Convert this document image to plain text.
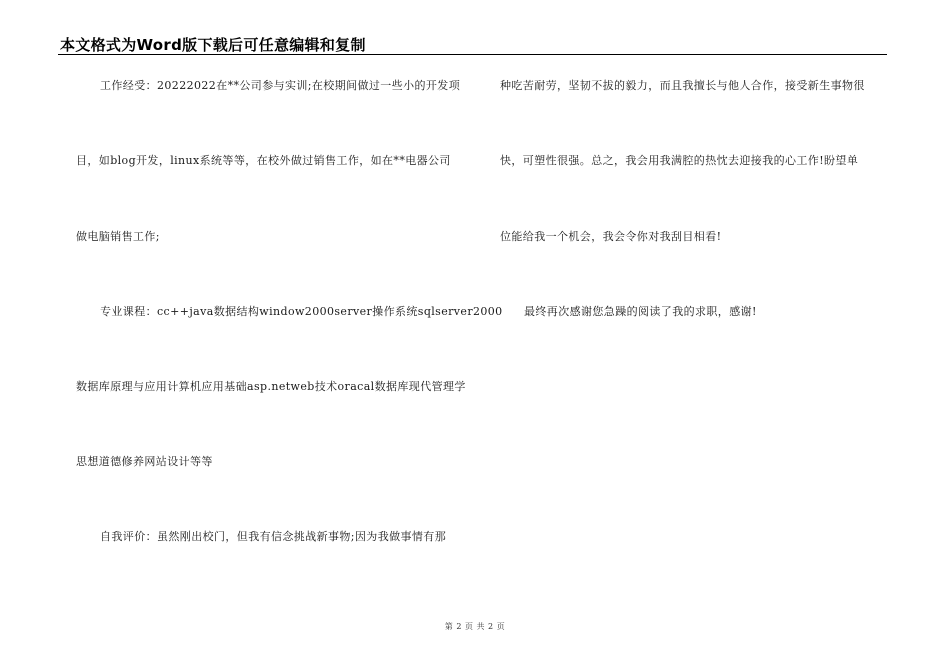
本文格式为Word版下载后可任意编辑和复制
工作经受：20222022在**公司参与实训;在校期间做过一些小的开发项
目，如blog开发，linux系统等等，在校外做过销售工作，如在**电器公司
做电脑销售工作;
专业课程：cc++java数据结构window2000server操作系统sqlserver2000
数据库原理与应用计算机应用基础asp.netweb技术oracal数据库现代管理学
思想道德修养网站设计等等
自我评价：虽然刚出校门，但我有信念挑战新事物;因为我做事情有那
种吃苦耐劳，坚韧不拔的毅力，而且我擅长与他人合作，接受新生事物很
快，可塑性很强。总之，我会用我满腔的热忱去迎接我的心工作!盼望单
位能给我一个机会，我会令你对我刮目相看!
最终再次感谢您急躁的阅读了我的求职，感谢!
第 2 页 共 2 页
